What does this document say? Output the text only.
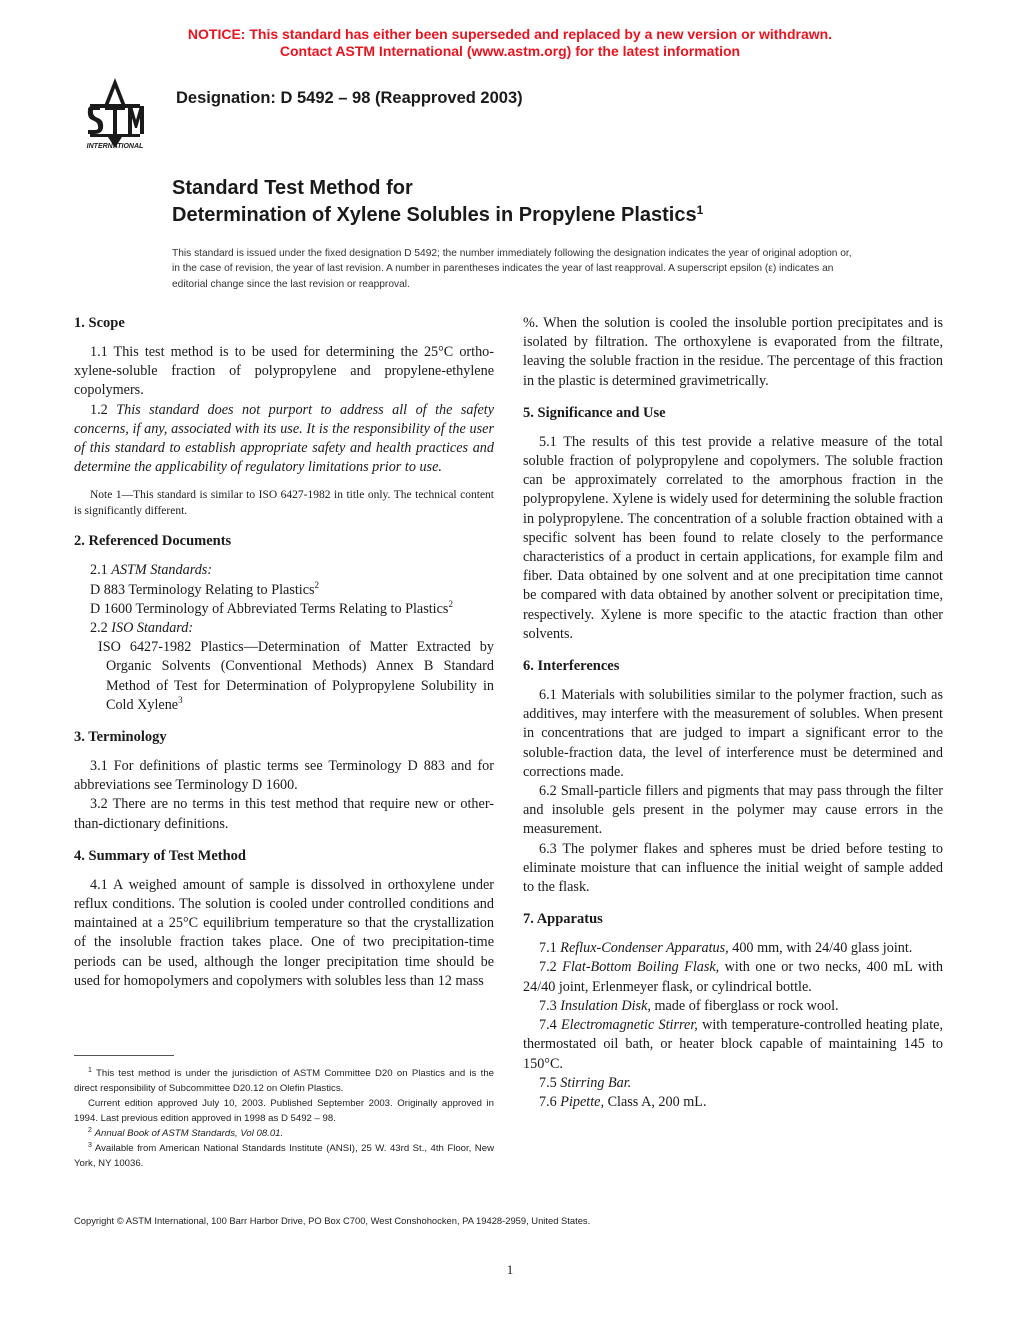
NOTICE: This standard has either been superseded and replaced by a new version or withdrawn.
Contact ASTM International (www.astm.org) for the latest information
INTERNATIONAL
Designation: D 5492 – 98 (Reapproved 2003)
Standard Test Method for
Determination of Xylene Solubles in Propylene Plastics$^1$
This standard is issued under the fixed designation D 5492; the number immediately following the designation indicates the year of original adoption or, in the case of revision, the year of last revision. A number in parentheses indicates the year of last reapproval. A superscript epsilon (ε) indicates an editorial change since the last revision or reapproval.
1. Scope

1.1 This test method is to be used for determining the 25°C ortho-xylene-soluble fraction of polypropylene and propylene-ethylene copolymers.

1.2 This standard does not purport to address all of the safety concerns, if any, associated with its use. It is the responsibility of the user of this standard to establish appropriate safety and health practices and determine the applicability of regulatory limitations prior to use.

Note 1—This standard is similar to ISO 6427-1982 in title only. The technical content is significantly different.

2. Referenced Documents

2.1 ASTM Standards:

D 883 Terminology Relating to Plastics$^2$

D 1600 Terminology of Abbreviated Terms Relating to Plastics$^2$

2.2 ISO Standard:

ISO 6427-1982 Plastics—Determination of Matter Extracted by Organic Solvents (Conventional Methods) Annex B Standard Method of Test for Determination of Polypropylene Solubility in Cold Xylene$^3$

3. Terminology

3.1 For definitions of plastic terms see Terminology D 883 and for abbreviations see Terminology D 1600.

3.2 There are no terms in this test method that require new or other-than-dictionary definitions.

4. Summary of Test Method

4.1 A weighed amount of sample is dissolved in orthoxylene under reflux conditions. The solution is cooled under controlled conditions and maintained at a 25°C equilibrium temperature so that the crystallization of the insoluble fraction takes place. One of two precipitation-time periods can be used, although the longer precipitation time should be used for homopolymers and copolymers with solubles less than 12 mass

%. When the solution is cooled the insoluble portion precipitates and is isolated by filtration. The orthoxylene is evaporated from the filtrate, leaving the soluble fraction in the residue. The percentage of this fraction in the plastic is determined gravimetrically.

5. Significance and Use

5.1 The results of this test provide a relative measure of the total soluble fraction of polypropylene and copolymers. The soluble fraction can be approximately correlated to the amorphous fraction in the polypropylene. Xylene is widely used for determining the soluble fraction in polypropylene. The concentration of a soluble fraction obtained with a specific solvent has been found to relate closely to the performance characteristics of a product in certain applications, for example film and fiber. Data obtained by one solvent and at one precipitation time cannot be compared with data obtained by another solvent or precipitation time, respectively. Xylene is more specific to the atactic fraction than other solvents.

6. Interferences

6.1 Materials with solubilities similar to the polymer fraction, such as additives, may interfere with the measurement of solubles. When present in concentrations that are judged to impart a significant error to the soluble-fraction data, the level of interference must be determined and corrections made.

6.2 Small-particle fillers and pigments that may pass through the filter and insoluble gels present in the polymer may cause errors in the measurement.

6.3 The polymer flakes and spheres must be dried before testing to eliminate moisture that can influence the initial weight of sample added to the flask.

7. Apparatus

7.1 Reflux-Condenser Apparatus, 400 mm, with 24/40 glass joint.

7.2 Flat-Bottom Boiling Flask, with one or two necks, 400 mL with 24/40 joint, Erlenmeyer flask, or cylindrical bottle.

7.3 Insulation Disk, made of fiberglass or rock wool.

7.4 Electromagnetic Stirrer, with temperature-controlled heating plate, thermostated oil bath, or heater block capable of maintaining 145 to 150°C.

7.5 Stirring Bar.

7.6 Pipette, Class A, 200 mL.

$^1$ This test method is under the jurisdiction of ASTM Committee D20 on Plastics and is the direct responsibility of Subcommittee D20.12 on Olefin Plastics.

Current edition approved July 10, 2003. Published September 2003. Originally approved in 1994. Last previous edition approved in 1998 as D 5492 – 98.

$^2$ Annual Book of ASTM Standards, Vol 08.01.

$^3$ Available from American National Standards Institute (ANSI), 25 W. 43rd St., 4th Floor, New York, NY 10036.

Copyright © ASTM International, 100 Barr Harbor Drive, PO Box C700, West Conshohocken, PA 19428-2959, United States.
1
